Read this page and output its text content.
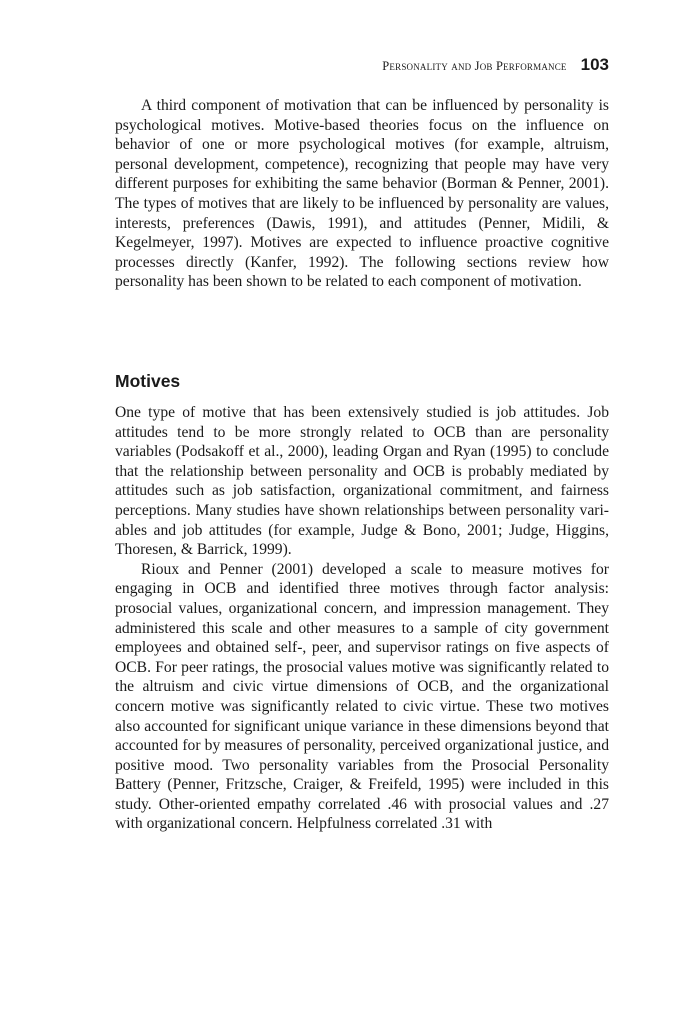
Personality and Job Performance 103

A third component of motivation that can be influenced by personality is psychological motives. Motive-based theories focus on the influence on behavior of one or more psychological motives (for example, altruism, personal development, competence), recognizing that people may have very different purposes for exhibiting the same behavior (Borman & Penner, 2001). The types of motives that are likely to be influenced by personality are values, interests, preferences (Dawis, 1991), and attitudes (Penner, Midili, & Kegelmeyer, 1997). Motives are expected to influence proactive cognitive processes directly (Kanfer, 1992). The following sections review how personality has been shown to be related to each component of motivation.

Motives

One type of motive that has been extensively studied is job attitudes. Job attitudes tend to be more strongly related to OCB than are personality variables (Podsakoff et al., 2000), leading Organ and Ryan (1995) to conclude that the relationship between personality and OCB is probably mediated by attitudes such as job satisfaction, organizational commitment, and fairness perceptions. Many studies have shown relationships between personality variables and job attitudes (for example, Judge & Bono, 2001; Judge, Higgins, Thoresen, & Barrick, 1999).

Rioux and Penner (2001) developed a scale to measure motives for engaging in OCB and identified three motives through factor analysis: prosocial values, organizational concern, and impression management. They administered this scale and other measures to a sample of city government employees and obtained self-, peer, and supervisor ratings on five aspects of OCB. For peer ratings, the prosocial values motive was significantly related to the altruism and civic virtue dimensions of OCB, and the organizational concern motive was significantly related to civic virtue. These two motives also accounted for significant unique variance in these dimensions beyond that accounted for by measures of personality, perceived organizational justice, and positive mood. Two personality variables from the Prosocial Personality Battery (Penner, Fritzsche, Craiger, & Freifeld, 1995) were included in this study. Other-oriented empathy correlated .46 with prosocial values and .27 with organizational concern. Helpfulness correlated .31 with
